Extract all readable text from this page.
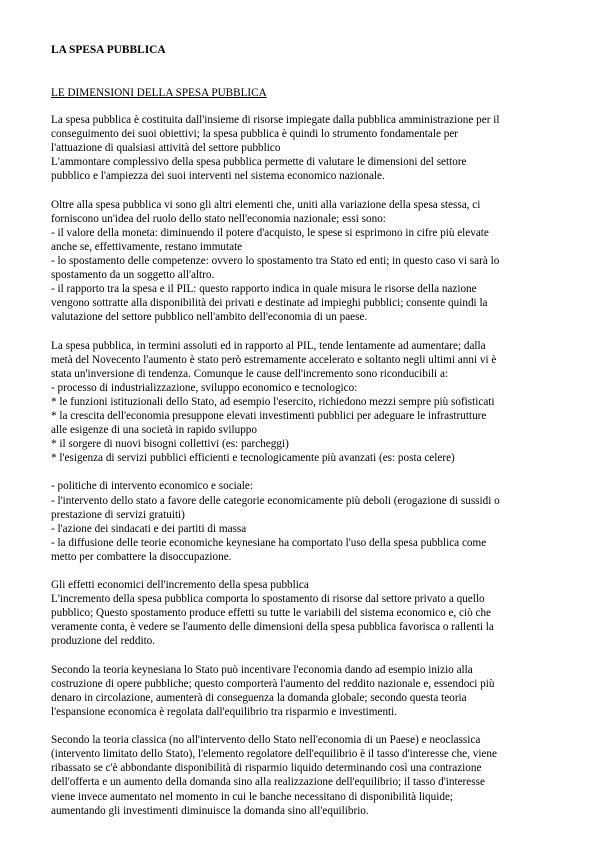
LA SPESA PUBBLICA

LE DIMENSIONI DELLA SPESA PUBBLICA

La spesa pubblica è costituita dall'insieme di risorse impiegate dalla pubblica amministrazione per il
conseguimento dei suoi obiettivi; la spesa pubblica è quindi lo strumento fondamentale per
l'attuazione di qualsiasi attività del settore pubblico
L'ammontare complessivo della spesa pubblica permette di valutare le dimensioni del settore
pubblico e l'ampiezza dei suoi interventi nel sistema economico nazionale.

Oltre alla spesa pubblica vi sono gli altri elementi che, uniti alla variazione della spesa stessa, ci
forniscono un'idea del ruolo dello stato nell'economia nazionale; essi sono:
- il valore della moneta: diminuendo il potere d'acquisto, le spese si esprimono in cifre più elevate
anche se, effettivamente, restano immutate
- lo spostamento delle competenze: ovvero lo spostamento tra Stato ed enti; in questo caso vi sarà lo
spostamento da un soggetto all'altro.
- il rapporto tra la spesa e il PIL: questo rapporto indica in quale misura le risorse della nazione
vengono sottratte alla disponibilità dei privati e destinate ad impieghi pubblici; consente quindi la
valutazione del settore pubblico nell'ambito dell'economia di un paese.

La spesa pubblica, in termini assoluti ed in rapporto al PIL, tende lentamente ad aumentare; dalla
metà del Novecento l'aumento è stato però estremamente accelerato e soltanto negli ultimi anni vi è
stata un'inversione di tendenza. Comunque le cause dell'incremento sono riconducibili a:
- processo di industrializzazione, sviluppo economico e tecnologico:
* le funzioni istituzionali dello Stato, ad esempio l'esercito, richiedono mezzi sempre più sofisticati
* la crescita dell'economia presuppone elevati investimenti pubblici per adeguare le infrastrutture
alle esigenze di una società in rapido sviluppo
* il sorgere di nuovi bisogni collettivi (es: parcheggi)
* l'esigenza di servizi pubblici efficienti e tecnologicamente più avanzati (es: posta celere)

- politiche di intervento economico e sociale:
- l'intervento dello stato a favore delle categorie economicamente più deboli (erogazione di sussidi o
prestazione di servizi gratuiti)
- l'azione dei sindacati e dei partiti di massa
- la diffusione delle teorie economiche keynesiane ha comportato l'uso della spesa pubblica come
metto per combattere la disoccupazione.

Gli effetti economici dell'incremento della spesa pubblica
L'incremento della spesa pubblica comporta lo spostamento di risorse dal settore privato a quello
pubblico; Questo spostamento produce effetti su tutte le variabili del sistema economico e, ciò che
veramente conta, è vedere se l'aumento delle dimensioni della spesa pubblica favorisca o rallenti la
produzione del reddito.

Secondo la teoria keynesiana lo Stato può incentivare l'economia dando ad esempio inizio alla
costruzione di opere pubbliche; questo comporterà l'aumento del reddito nazionale e, essendoci più
denaro in circolazione, aumenterà di conseguenza la domanda globale; secondo questa teoria
l'espansione economica è regolata dall'equilibrio tra risparmio e investimenti.

Secondo la teoria classica (no all'intervento dello Stato nell'economia di un Paese) e neoclassica
(intervento limitato dello Stato), l'elemento regolatore dell'equilibrio è il tasso d'interesse che, viene
ribassato se c'è abbondante disponibilità di risparmio liquido determinando così una contrazione
dell'offerta e un aumento della domanda sino alla realizzazione dell'equilibrio; il tasso d'interesse
viene invece aumentato nel momento in cui le banche necessitano di disponibilità liquide;
aumentando gli investimenti diminuisce la domanda sino all'equilibrio.
